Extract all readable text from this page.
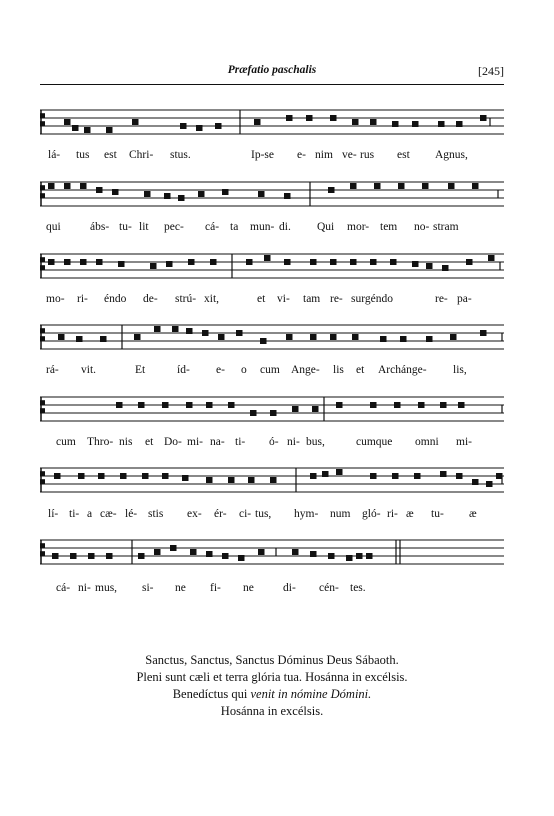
Præfatio paschalis	[245]
lá- tus est Chri- stus.	Ip-se e- nim ve- rus est Agnus,
qui	ábs- tu- lit pec- cá- ta mun- di. Qui mor- tem no- stram
mo- ri- éndo de- strú- xit,	et vi- tam re- surgéndo	re- pa-
rá- vit.	Et	íd- e- o cum Ange- lis et Archánge- lis,
cum Thro- nis et Do- mi- na- ti- ó- ni- bus,	cumque omni mi-
lí- ti- a cæ- lé- stis ex- ér- ci- tus, hym- num gló- ri- æ tu- æ
cá- ni- mus, si- ne fi- ne	di- cén- tes.
Sanctus, Sanctus, Sanctus Dóminus Deus Sábaoth.
Pleni sunt cæli et terra glória tua. Hosánna in excélsis.
Benedíctus qui venit in nómine Dómini.
Hosánna in excélsis.
